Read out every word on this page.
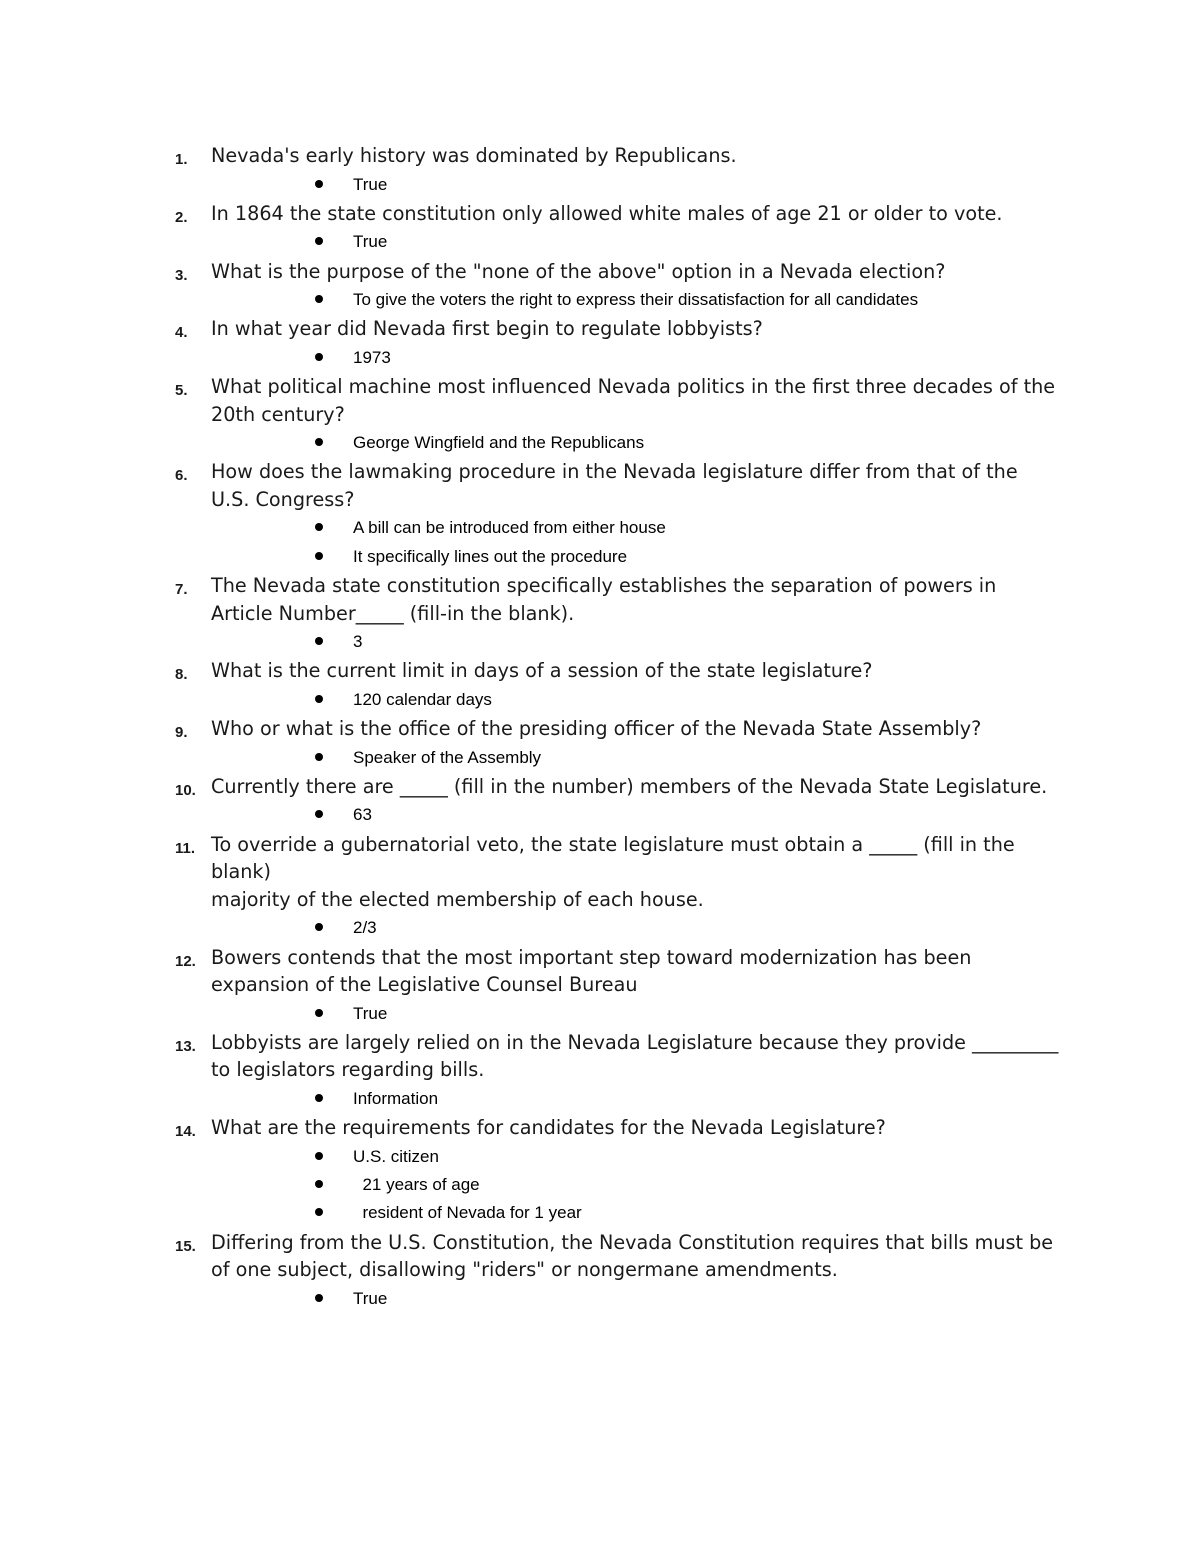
1.	Nevada's early history was dominated by Republicans.
True
2.	In 1864 the state constitution only allowed white males of age 21 or older to vote.
True
3.	What is the purpose of the "none of the above" option in a Nevada election?
To give the voters the right to express their dissatisfaction for all candidates
4.	In what year did Nevada first begin to regulate lobbyists?
1973
5.	What political machine most influenced Nevada politics in the first three decades of the 20th century?
George Wingfield and the Republicans
6.	How does the lawmaking procedure in the Nevada legislature differ from that of the U.S. Congress?
A bill can be introduced from either house
It specifically lines out the procedure
7.	The Nevada state constitution specifically establishes the separation of powers in Article Number_____ (fill-in the blank).
3
8.	What is the current limit in days of a session of the state legislature?
120 calendar days
9.	Who or what is the office of the presiding officer of the Nevada State Assembly?
Speaker of the Assembly
10. Currently there are _____ (fill in the number) members of the Nevada State Legislature.
63
11. To override a gubernatorial veto, the state legislature must obtain a _____ (fill in the blank)
majority of the elected membership of each house.
2/3
12. Bowers contends that the most important step toward modernization has been expansion of the Legislative Counsel Bureau
True
13. Lobbyists are largely relied on in the Nevada Legislature because they provide _________ to legislators regarding bills.
Information
14. What are the requirements for candidates for the Nevada Legislature?
U.S. citizen
21 years of age
resident of Nevada for 1 year
15. Differing from the U.S. Constitution, the Nevada Constitution requires that bills must be of one subject, disallowing "riders" or nongermane amendments.
True
